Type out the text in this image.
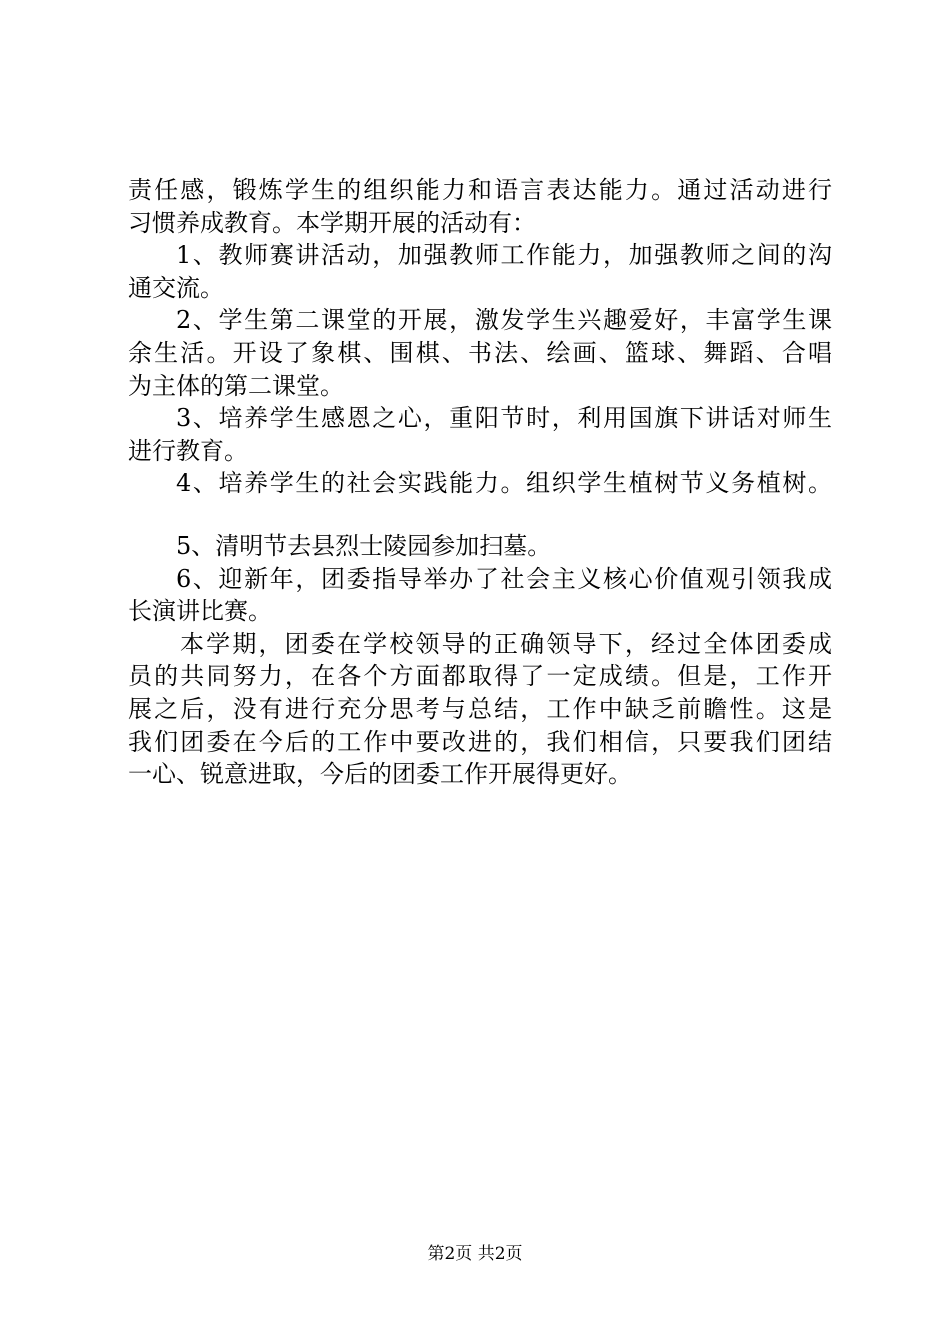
责任感，锻炼学生的组织能力和语言表达能力。通过活动进行
习惯养成教育。本学期开展的活动有：
1、教师赛讲活动，加强教师工作能力，加强教师之间的沟
通交流。
2、学生第二课堂的开展，激发学生兴趣爱好，丰富学生课
余生活。开设了象棋、围棋、书法、绘画、篮球、舞蹈、合唱
为主体的第二课堂。
3、培养学生感恩之心，重阳节时，利用国旗下讲话对师生
进行教育。
4、培养学生的社会实践能力。组织学生植树节义务植树。
5、清明节去县烈士陵园参加扫墓。
6、迎新年，团委指导举办了社会主义核心价值观引领我成
长演讲比赛。
本学期，团委在学校领导的正确领导下，经过全体团委成
员的共同努力，在各个方面都取得了一定成绩。但是，工作开
展之后，没有进行充分思考与总结，工作中缺乏前瞻性。这是
我们团委在今后的工作中要改进的，我们相信，只要我们团结
一心、锐意进取，今后的团委工作开展得更好。
第2页 共2页
